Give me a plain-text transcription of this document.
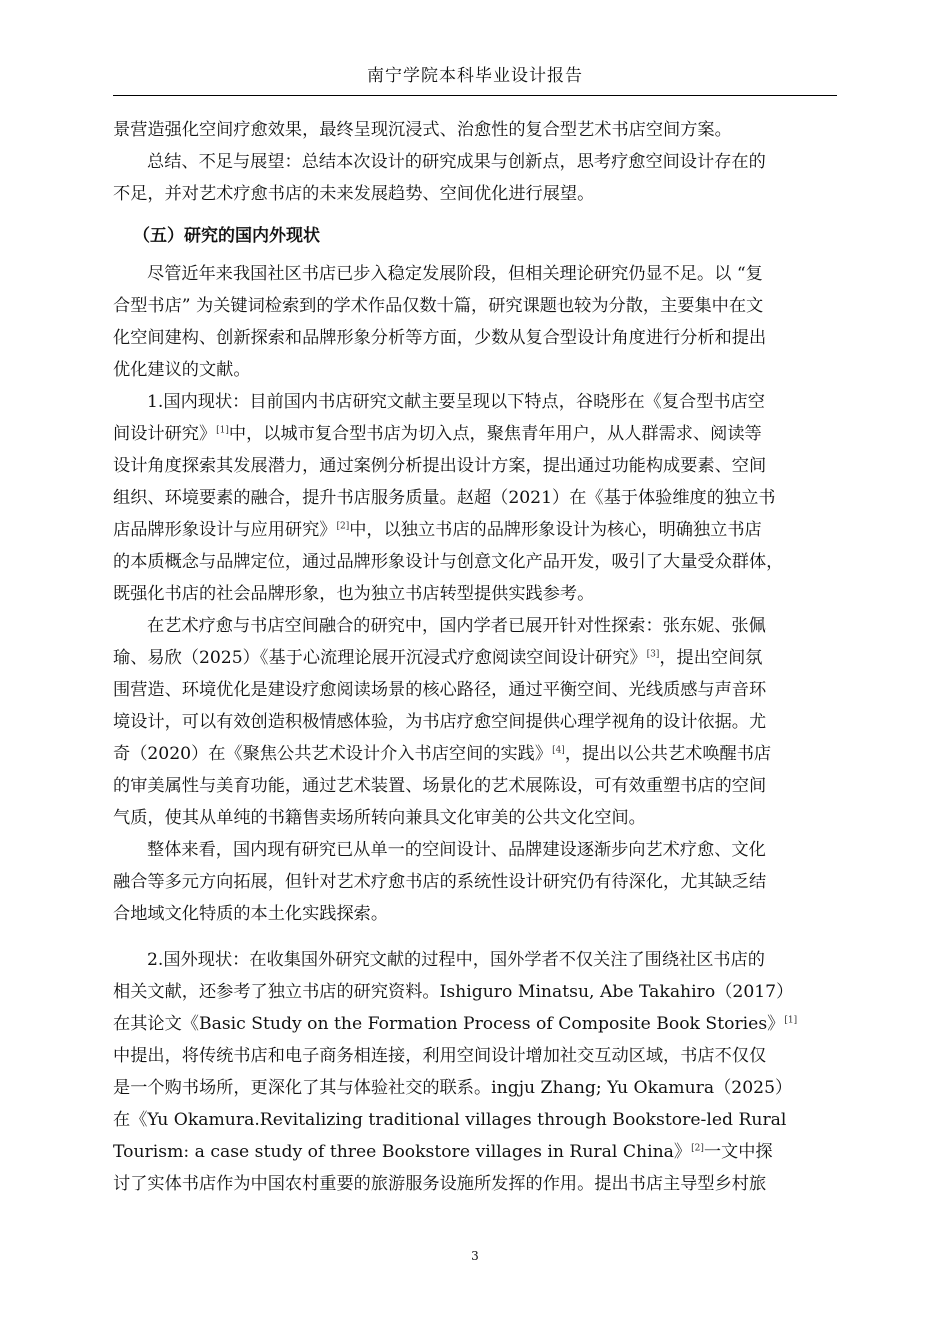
南宁学院本科毕业设计报告

景营造强化空间疗愈效果，最终呈现沉浸式、治愈性的复合型艺术书店空间方案。

总结、不足与展望：总结本次设计的研究成果与创新点，思考疗愈空间设计存在的
不足，并对艺术疗愈书店的未来发展趋势、空间优化进行展望。

（五）研究的国内外现状

尽管近年来我国社区书店已步入稳定发展阶段，但相关理论研究仍显不足。以 “复
合型书店” 为关键词检索到的学术作品仅数十篇，研究课题也较为分散，主要集中在文
化空间建构、创新探索和品牌形象分析等方面，少数从复合型设计角度进行分析和提出
优化建议的文献。

1.国内现状：目前国内书店研究文献主要呈现以下特点，谷晓彤在《复合型书店空
间设计研究》[1]中，以城市复合型书店为切入点，聚焦青年用户，从人群需求、阅读等
设计角度探索其发展潜力，通过案例分析提出设计方案，提出通过功能构成要素、空间
组织、环境要素的融合，提升书店服务质量。赵超（2021）在《基于体验维度的独立书
店品牌形象设计与应用研究》[2]中，以独立书店的品牌形象设计为核心，明确独立书店
的本质概念与品牌定位，通过品牌形象设计与创意文化产品开发，吸引了大量受众群体，
既强化书店的社会品牌形象，也为独立书店转型提供实践参考。

在艺术疗愈与书店空间融合的研究中，国内学者已展开针对性探索：张东妮、张佩
瑜、易欣（2025）《基于心流理论展开沉浸式疗愈阅读空间设计研究》[3]，提出空间氛
围营造、环境优化是建设疗愈阅读场景的核心路径，通过平衡空间、光线质感与声音环
境设计，可以有效创造积极情感体验，为书店疗愈空间提供心理学视角的设计依据。尤
奇（2020）在《聚焦公共艺术设计介入书店空间的实践》[4]，提出以公共艺术唤醒书店
的审美属性与美育功能，通过艺术装置、场景化的艺术展陈设，可有效重塑书店的空间
气质，使其从单纯的书籍售卖场所转向兼具文化审美的公共文化空间。

整体来看，国内现有研究已从单一的空间设计、品牌建设逐渐步向艺术疗愈、文化
融合等多元方向拓展，但针对艺术疗愈书店的系统性设计研究仍有待深化，尤其缺乏结
合地域文化特质的本土化实践探索。

2.国外现状：在收集国外研究文献的过程中，国外学者不仅关注了围绕社区书店的
相关文献，还参考了独立书店的研究资料。Ishiguro Minatsu, Abe Takahiro（2017）
在其论文《Basic Study on the Formation Process of Composite Book Stories》[1]
中提出，将传统书店和电子商务相连接，利用空间设计增加社交互动区域，书店不仅仅
是一个购书场所，更深化了其与体验社交的联系。ingju Zhang; Yu Okamura（2025）
在《Yu Okamura.Revitalizing traditional villages through Bookstore-led Rural
Tourism: a case study of three Bookstore villages in Rural China》[2]一文中探
讨了实体书店作为中国农村重要的旅游服务设施所发挥的作用。提出书店主导型乡村旅

3
